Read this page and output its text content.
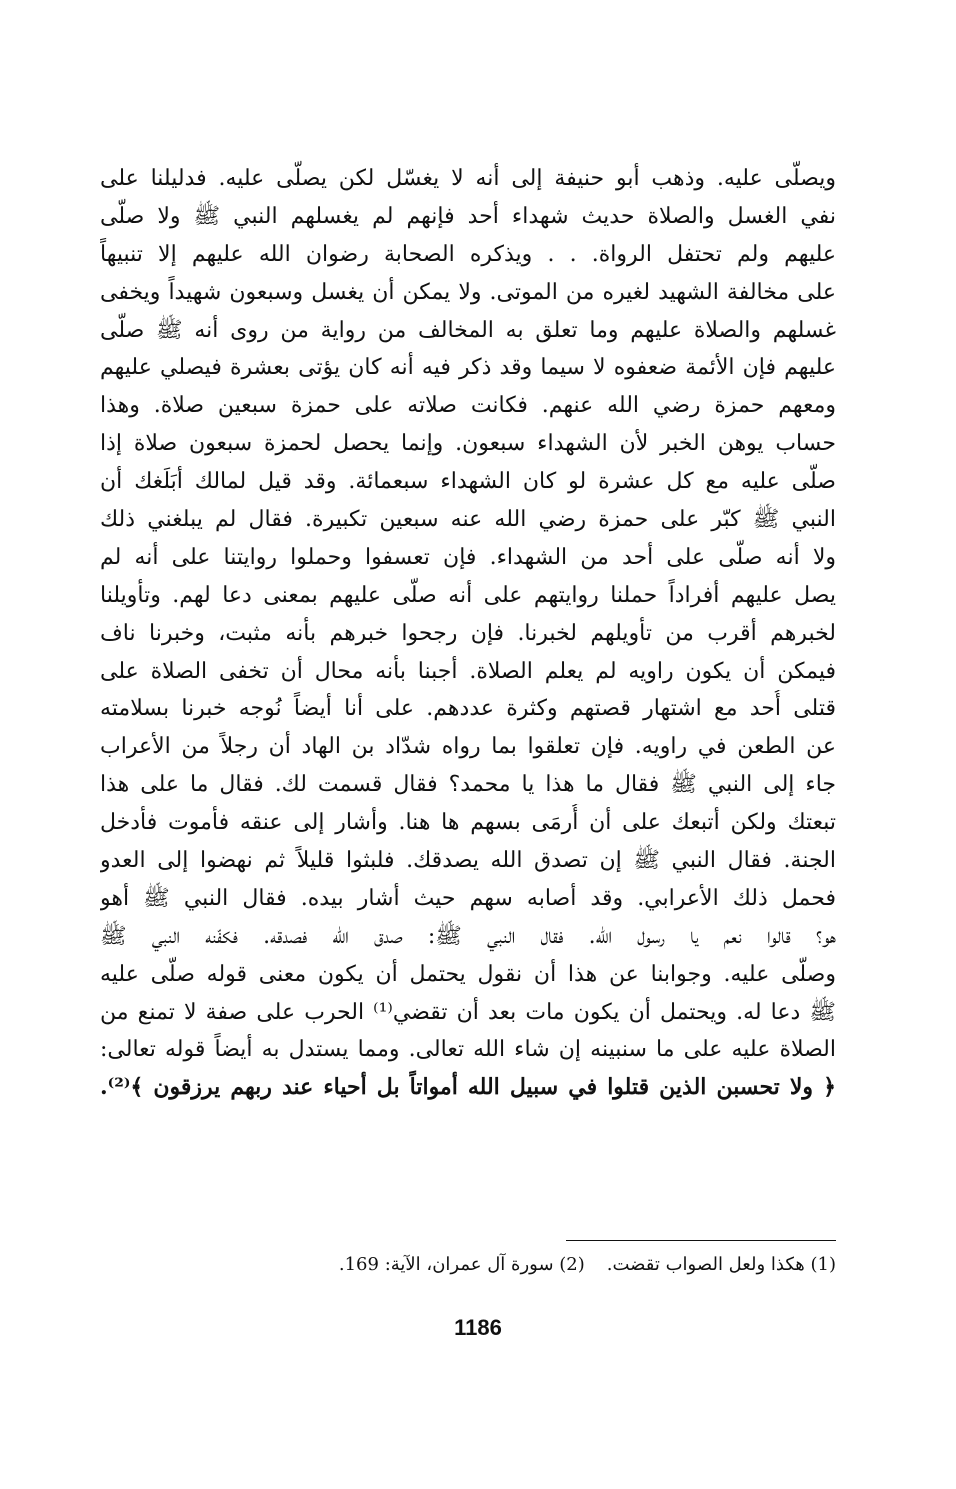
ويصلّى عليه. وذهب أبو حنيفة إلى أنه لا يغسّل لكن يصلّى عليه. فدليلنا على
نفي الغسل والصلاة حديث شهداء أحد فإنهم لم يغسلهم النبي ﷺ ولا صلّى
عليهم ولم تحتفل الرواة. . . ويذكره الصحابة رضوان الله عليهم إلا تنبيهاً
على مخالفة الشهيد لغيره من الموتى. ولا يمكن أن يغسل وسبعون شهيداً ويخفى
غسلهم والصلاة عليهم وما تعلق به المخالف من رواية من روى أنه ﷺ صلّى
عليهم فإن الأئمة ضعفوه لا سيما وقد ذكر فيه أنه كان يؤتى بعشرة فيصلي عليهم
ومعهم حمزة رضي الله عنهم. فكانت صلاته على حمزة سبعين صلاة. وهذا
حساب يوهن الخبر لأن الشهداء سبعون. وإنما يحصل لحمزة سبعون صلاة إذا
صلّى عليه مع كل عشرة لو كان الشهداء سبعمائة. وقد قيل لمالك أبَلَغك أن
النبي ﷺ كبّر على حمزة رضي الله عنه سبعين تكبيرة. فقال لم يبلغني ذلك
ولا أنه صلّى على أحد من الشهداء. فإن تعسفوا وحملوا روايتنا على أنه لم
يصل عليهم أفراداً حملنا روايتهم على أنه صلّى عليهم بمعنى دعا لهم. وتأويلنا
لخبرهم أقرب من تأويلهم لخبرنا. فإن رجحوا خبرهم بأنه مثبت، وخبرنا ناف
فيمكن أن يكون راويه لم يعلم الصلاة. أجبنا بأنه محال أن تخفى الصلاة على
قتلى أُحد مع اشتهار قصتهم وكثرة عددهم. على أنا أيضاً نُوجه خبرنا بسلامته
عن الطعن في راويه. فإن تعلقوا بما رواه شدّاد بن الهاد أن رجلاً من الأعراب
جاء إلى النبي ﷺ فقال ما هذا يا محمد؟ فقال قسمت لك. فقال ما على هذا
تبعتك ولكن أتبعك على أن أُرمَى بسهم ها هنا. وأشار إلى عنقه فأموت فأدخل
الجنة. فقال النبي ﷺ إن تصدق الله يصدقك. فلبثوا قليلاً ثم نهضوا إلى العدو
فحمل ذلك الأعرابي. وقد أصابه سهم حيث أشار بيده. فقال النبي ﷺ أهو
هو؟ قالوا نعم يا رسول الله. فقال النبي ﷺ: صدق الله فصدقه. فكفّنه النبي ﷺ
وصلّى عليه. وجوابنا عن هذا أن نقول يحتمل أن يكون معنى قوله صلّى عليه
ﷺ دعا له. ويحتمل أن يكون مات بعد أن تقضي⁽¹⁾ الحرب على صفة لا تمنع من
الصلاة عليه على ما سنبينه إن شاء الله تعالى. ومما يستدل به أيضاً قوله تعالى:
﴿ ولا تحسبن الذين قتلوا في سبيل الله أمواتاً بل أحياء عند ربهم يرزقون ﴾⁽²⁾.
(1) هكذا ولعل الصواب تقضت.(2) سورة آل عمران، الآية: 169.
1186
